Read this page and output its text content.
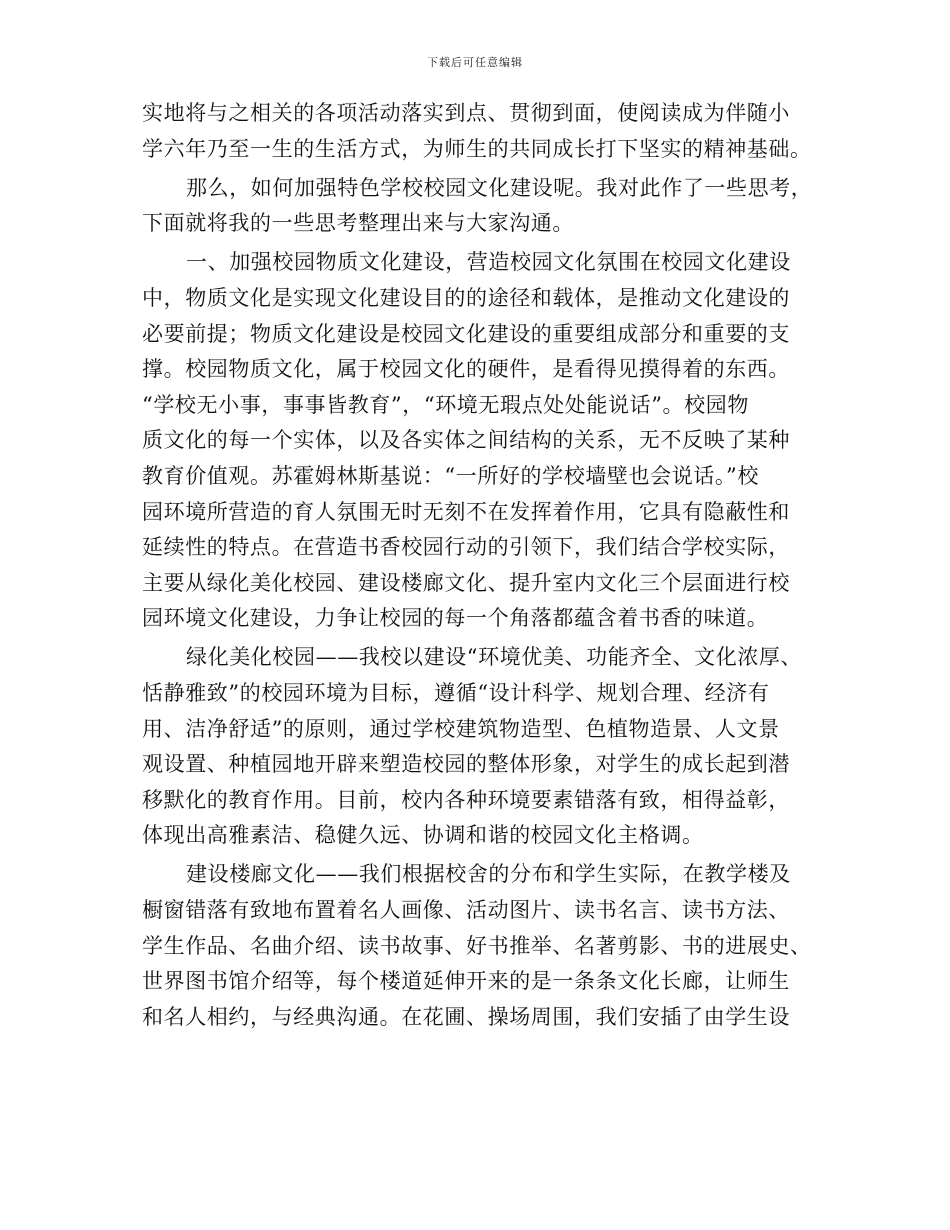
下载后可任意编辑
实地将与之相关的各项活动落实到点、贯彻到面，使阅读成为伴随小
学六年乃至一生的生活方式，为师生的共同成长打下坚实的精神基础。
那么，如何加强特色学校校园文化建设呢。我对此作了一些思考，
下面就将我的一些思考整理出来与大家沟通。
一、加强校园物质文化建设，营造校园文化氛围在校园文化建设
中，物质文化是实现文化建设目的的途径和载体，是推动文化建设的
必要前提；物质文化建设是校园文化建设的重要组成部分和重要的支
撑。校园物质文化，属于校园文化的硬件，是看得见摸得着的东西。
“学校无小事，事事皆教育”，“环境无瑕点处处能说话”。校园物
质文化的每一个实体，以及各实体之间结构的关系，无不反映了某种
教育价值观。苏霍姆林斯基说：“一所好的学校墙壁也会说话。”校
园环境所营造的育人氛围无时无刻不在发挥着作用，它具有隐蔽性和
延续性的特点。在营造书香校园行动的引领下，我们结合学校实际，
主要从绿化美化校园、建设楼廊文化、提升室内文化三个层面进行校
园环境文化建设，力争让校园的每一个角落都蕴含着书香的味道。
绿化美化校园——我校以建设“环境优美、功能齐全、文化浓厚、
恬静雅致”的校园环境为目标，遵循“设计科学、规划合理、经济有
用、洁净舒适”的原则，通过学校建筑物造型、色植物造景、人文景
观设置、种植园地开辟来塑造校园的整体形象，对学生的成长起到潜
移默化的教育作用。目前，校内各种环境要素错落有致，相得益彰，
体现出高雅素洁、稳健久远、协调和谐的校园文化主格调。
建设楼廊文化——我们根据校舍的分布和学生实际，在教学楼及
橱窗错落有致地布置着名人画像、活动图片、读书名言、读书方法、
学生作品、名曲介绍、读书故事、好书推举、名著剪影、书的进展史、
世界图书馆介绍等，每个楼道延伸开来的是一条条文化长廊，让师生
和名人相约，与经典沟通。在花圃、操场周围，我们安插了由学生设
